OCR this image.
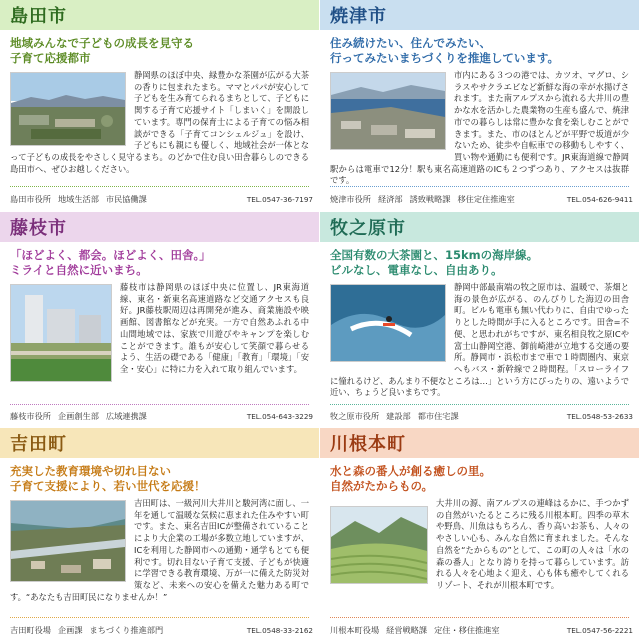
島田市
地域みんなで子どもの成長を見守る
子育て応援都市

静岡県のほぼ中央、緑豊かな茶園が広がる大茶の香りに包まれたまち。ママとパパが安心して子どもを生み育てられるまちとして、子どもに関する子育て応援サイト「しまいく」を開設しています。専門の保育士による子育ての悩み相談ができる「子育てコンシェルジュ」を設け、子どもにも親にも優しく、地域社会が一体となって子どもの成長をやさしく見守るまち。のどかで住む良い田舎暮らしのできる島田市へ、ぜひお越しください。

島田市役所 地域生活部 市民協働課	TEL.0547-36-7197
焼津市
住み続けたい、住んでみたい、
行ってみたいまちづくりを推進しています。

市内にある３つの港では、カツオ、マグロ、シラスやサクラエビなど新鮮な海の幸が水揚げされます。また南アルプスから流れる大井川の豊かな水を活かした農業物の生産も盛んで、焼津市での暮らしは常に豊かな食を楽しむことができます。また、市のほとんどが平野で坂道が少ないため、徒歩や自転車での移動もしやすく、買い物や通勤にも便利です。JR東海道線で静岡駅からは電車で12分！駅も東名高速道路のICも２つずつあり、アクセスは抜群です。

焼津市役所 経済部 誘致戦略課 移住定住推進室	TEL.054-626-9411
藤枝市
「ほどよく、都会。ほどよく、田舎。」
ミライと自然に近いまち。

藤枝市は静岡県のほぼ中央に位置し、JR東海道線、東名・新東名高速道路など交通アクセスも良好。JR藤枝駅周辺は再開発が進み、商業施設や映画館、図書館などが充実。一方で自然あふれる中山間地域では、家族で川遊びやキャンプを楽しむことができます。誰もが安心して笑顔で暮らせるよう、生活の礎である「健康」「教育」「環境」「安全・安心」に特に力を入れて取り組んでいます。

藤枝市役所 企画創生部 広域連携課	TEL.054-643-3229
牧之原市
全国有数の大茶園と、15kmの海岸線。
ビルなし、電車なし、自由あり。

静岡中部最南端の牧之原市は、温暖で、茶畑と海の景色が広がる、のんびりした海辺の田舎町。ビルも電車も無い代わりに、自由でゆったりとした時間が手に入るところです。田舎=不便、と思われがちですが、東名相良牧之原ICや富士山静岡空港、御前崎港が立地する交通の要所。静岡市・浜松市まで車で１時間圏内、東京へもバス・新幹線で２時間程。「スローライフに憧れるけど、あんまり不便なところは…」という方にぴったりの、遠いようで近い、ちょうど良いまちです。

牧之原市役所 建設部 都市住宅課	TEL.0548-53-2633
吉田町
充実した教育環境や切れ目ない
子育て支援により、若い世代を応援！

吉田町は、一級河川大井川と駿河湾に面し、一年を通して温暖な気候に恵まれた住みやすい町です。また、東名吉田ICが整備されていることにより大企業の工場が多数立地していますが、ICを利用した静岡市への通勤・通学もとても便利です。切れ目ない子育て支援、子どもが快適に学習できる教育環境、万が一に備えた防災対策など、未来への安心を備えた魅力ある町です。“あなたも吉田町民になりませんか！”

吉田町役場 企画課 まちづくり推進部門	TEL.0548-33-2162
川根本町
水と森の番人が創る癒しの里。
自然がたからもの。

大井川の源、南アルプスの連峰はるかに、手つかずの自然がいたるところに残る川根本町。四季の草木や野鳥、川魚はもちろん、香り高いお茶も、人々のやさしい心も、みんな自然に育まれました。そんな自然を“たからもの”として、この町の人々は「水の森の番人」となり誇りを持って暮らしています。訪れる人々を心地よく迎え、心も体も癒やしてくれるリゾート、それが川根本町です。

川根本町役場 経営戦略課 定住・移住推進室	TEL.0547-56-2221
